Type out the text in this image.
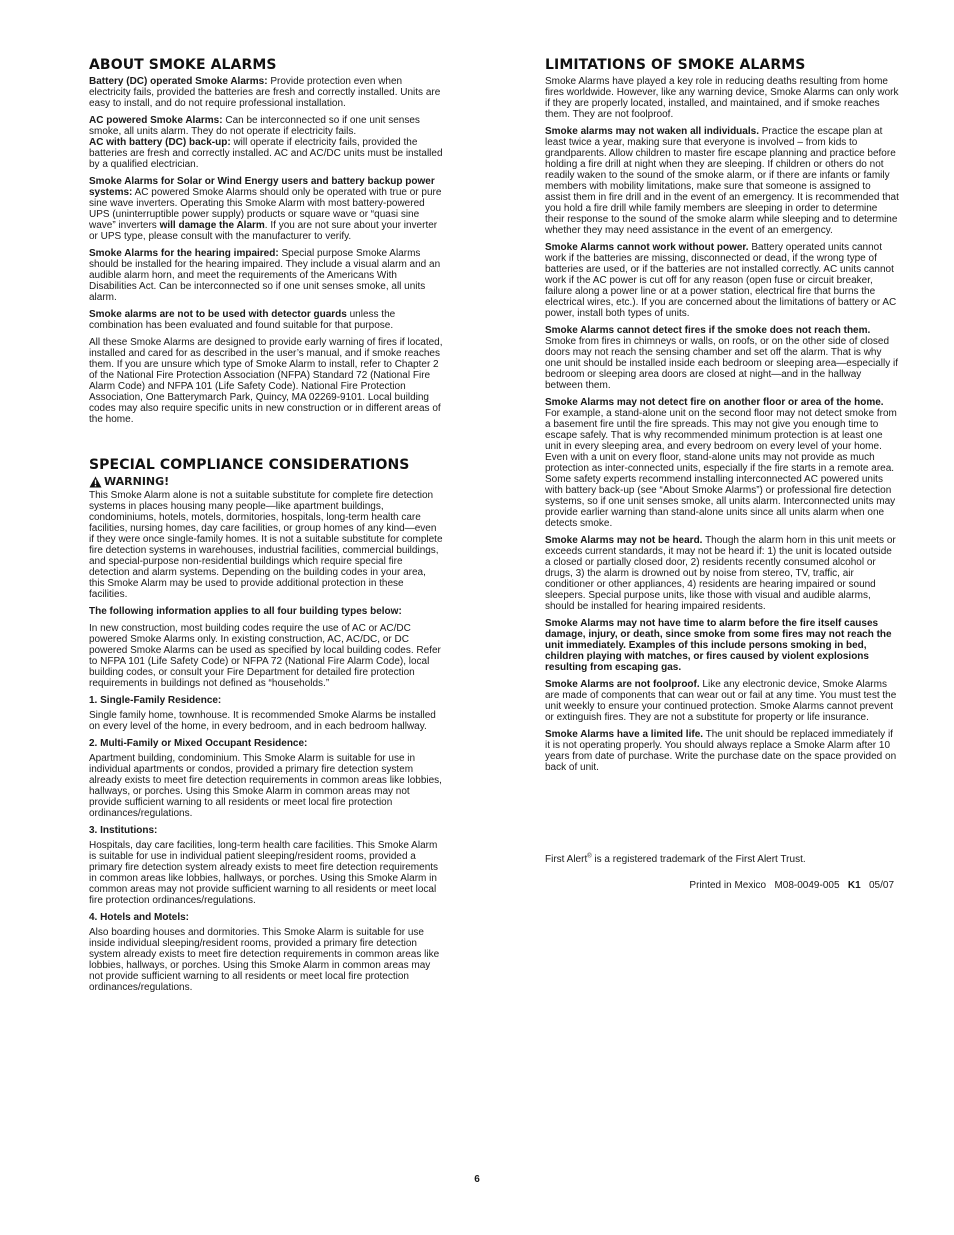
ABOUT SMOKE ALARMS

Battery (DC) operated Smoke Alarms: Provide protection even when electricity fails, provided the batteries are fresh and correctly installed. Units are easy to install, and do not require professional installation.

AC powered Smoke Alarms: Can be interconnected so if one unit senses smoke, all units alarm. They do not operate if electricity fails.
AC with battery (DC) back-up: will operate if electricity fails, provided the batteries are fresh and correctly installed. AC and AC/DC units must be installed by a qualified electrician.

Smoke Alarms for Solar or Wind Energy users and battery backup power systems: AC powered Smoke Alarms should only be operated with true or pure sine wave inverters. Operating this Smoke Alarm with most battery-powered UPS (uninterruptible power supply) products or square wave or “quasi sine wave” inverters will damage the Alarm. If you are not sure about your inverter or UPS type, please consult with the manufacturer to verify.

Smoke Alarms for the hearing impaired: Special purpose Smoke Alarms should be installed for the hearing impaired. They include a visual alarm and an audible alarm horn, and meet the requirements of the Americans With Disabilities Act. Can be interconnected so if one unit senses smoke, all units alarm.

Smoke alarms are not to be used with detector guards unless the combination has been evaluated and found suitable for that purpose.

All these Smoke Alarms are designed to provide early warning of fires if located, installed and cared for as described in the user’s manual, and if smoke reaches them. If you are unsure which type of Smoke Alarm to install, refer to Chapter 2 of the National Fire Protection Association (NFPA) Standard 72 (National Fire Alarm Code) and NFPA 101 (Life Safety Code). National Fire Protection Association, One Batterymarch Park, Quincy, MA 02269-9101. Local building codes may also require specific units in new construction or in different areas of the home.

SPECIAL COMPLIANCE CONSIDERATIONS
WARNING!

This Smoke Alarm alone is not a suitable substitute for complete fire detection systems in places housing many people—like apartment buildings, condominiums, hotels, motels, dormitories, hospitals, long-term health care facilities, nursing homes, day care facilities, or group homes of any kind—even if they were once single-family homes. It is not a suitable substitute for complete fire detection systems in warehouses, industrial facilities, commercial buildings, and special-purpose non-residential buildings which require special fire detection and alarm systems. Depending on the building codes in your area, this Smoke Alarm may be used to provide additional protection in these facilities.

The following information applies to all four building types below:

In new construction, most building codes require the use of AC or AC/DC powered Smoke Alarms only. In existing construction, AC, AC/DC, or DC powered Smoke Alarms can be used as specified by local building codes. Refer to NFPA 101 (Life Safety Code) or NFPA 72 (National Fire Alarm Code), local building codes, or consult your Fire Department for detailed fire protection requirements in buildings not defined as “households.”

1. Single-Family Residence:

Single family home, townhouse. It is recommended Smoke Alarms be installed on every level of the home, in every bedroom, and in each bedroom hallway.

2. Multi-Family or Mixed Occupant Residence:

Apartment building, condominium. This Smoke Alarm is suitable for use in individual apartments or condos, provided a primary fire detection system already exists to meet fire detection requirements in common areas like lobbies, hallways, or porches. Using this Smoke Alarm in common areas may not provide sufficient warning to all residents or meet local fire protection ordinances/regulations.

3. Institutions:

Hospitals, day care facilities, long-term health care facilities. This Smoke Alarm is suitable for use in individual patient sleeping/resident rooms, provided a primary fire detection system already exists to meet fire detection requirements in common areas like lobbies, hallways, or porches. Using this Smoke Alarm in common areas may not provide sufficient warning to all residents or meet local fire protection ordinances/regulations.

4. Hotels and Motels:

Also boarding houses and dormitories. This Smoke Alarm is suitable for use inside individual sleeping/resident rooms, provided a primary fire detection system already exists to meet fire detection requirements in common areas like lobbies, hallways, or porches. Using this Smoke Alarm in common areas may not provide sufficient warning to all residents or meet local fire protection ordinances/regulations.

LIMITATIONS OF SMOKE ALARMS

Smoke Alarms have played a key role in reducing deaths resulting from home fires worldwide. However, like any warning device, Smoke Alarms can only work if they are properly located, installed, and maintained, and if smoke reaches them. They are not foolproof.

Smoke alarms may not waken all individuals. Practice the escape plan at least twice a year, making sure that everyone is involved – from kids to grandparents. Allow children to master fire escape planning and practice before holding a fire drill at night when they are sleeping. If children or others do not readily waken to the sound of the smoke alarm, or if there are infants or family members with mobility limitations, make sure that someone is assigned to assist them in fire drill and in the event of an emergency. It is recommended that you hold a fire drill while family members are sleeping in order to determine their response to the sound of the smoke alarm while sleeping and to determine whether they may need assistance in the event of an emergency.

Smoke Alarms cannot work without power. Battery operated units cannot work if the batteries are missing, disconnected or dead, if the wrong type of batteries are used, or if the batteries are not installed correctly. AC units cannot work if the AC power is cut off for any reason (open fuse or circuit breaker, failure along a power line or at a power station, electrical fire that burns the electrical wires, etc.). If you are concerned about the limitations of battery or AC power, install both types of units.

Smoke Alarms cannot detect fires if the smoke does not reach them. Smoke from fires in chimneys or walls, on roofs, or on the other side of closed doors may not reach the sensing chamber and set off the alarm. That is why one unit should be installed inside each bedroom or sleeping area—especially if bedroom or sleeping area doors are closed at night—and in the hallway between them.

Smoke Alarms may not detect fire on another floor or area of the home. For example, a stand-alone unit on the second floor may not detect smoke from a basement fire until the fire spreads. This may not give you enough time to escape safely. That is why recommended minimum protection is at least one unit in every sleeping area, and every bedroom on every level of your home. Even with a unit on every floor, stand-alone units may not provide as much protection as inter-connected units, especially if the fire starts in a remote area. Some safety experts recommend installing interconnected AC powered units with battery back-up (see “About Smoke Alarms”) or professional fire detection systems, so if one unit senses smoke, all units alarm. Interconnected units may provide earlier warning than stand-alone units since all units alarm when one detects smoke.

Smoke Alarms may not be heard. Though the alarm horn in this unit meets or exceeds current standards, it may not be heard if: 1) the unit is located outside a closed or partially closed door, 2) residents recently consumed alcohol or drugs, 3) the alarm is drowned out by noise from stereo, TV, traffic, air conditioner or other appliances, 4) residents are hearing impaired or sound sleepers. Special purpose units, like those with visual and audible alarms, should be installed for hearing impaired residents.

Smoke Alarms may not have time to alarm before the fire itself causes damage, injury, or death, since smoke from some fires may not reach the unit immediately. Examples of this include persons smoking in bed, children playing with matches, or fires caused by violent explosions resulting from escaping gas.

Smoke Alarms are not foolproof. Like any electronic device, Smoke Alarms are made of components that can wear out or fail at any time. You must test the unit weekly to ensure your continued protection. Smoke Alarms cannot prevent or extinguish fires. They are not a substitute for property or life insurance.

Smoke Alarms have a limited life. The unit should be replaced immediately if it is not operating properly. You should always replace a Smoke Alarm after 10 years from date of purchase. Write the purchase date on the space provided on back of unit.

First Alert® is a registered trademark of the First Alert Trust.
Printed in Mexico   M08-0049-005   K1   05/07
6
